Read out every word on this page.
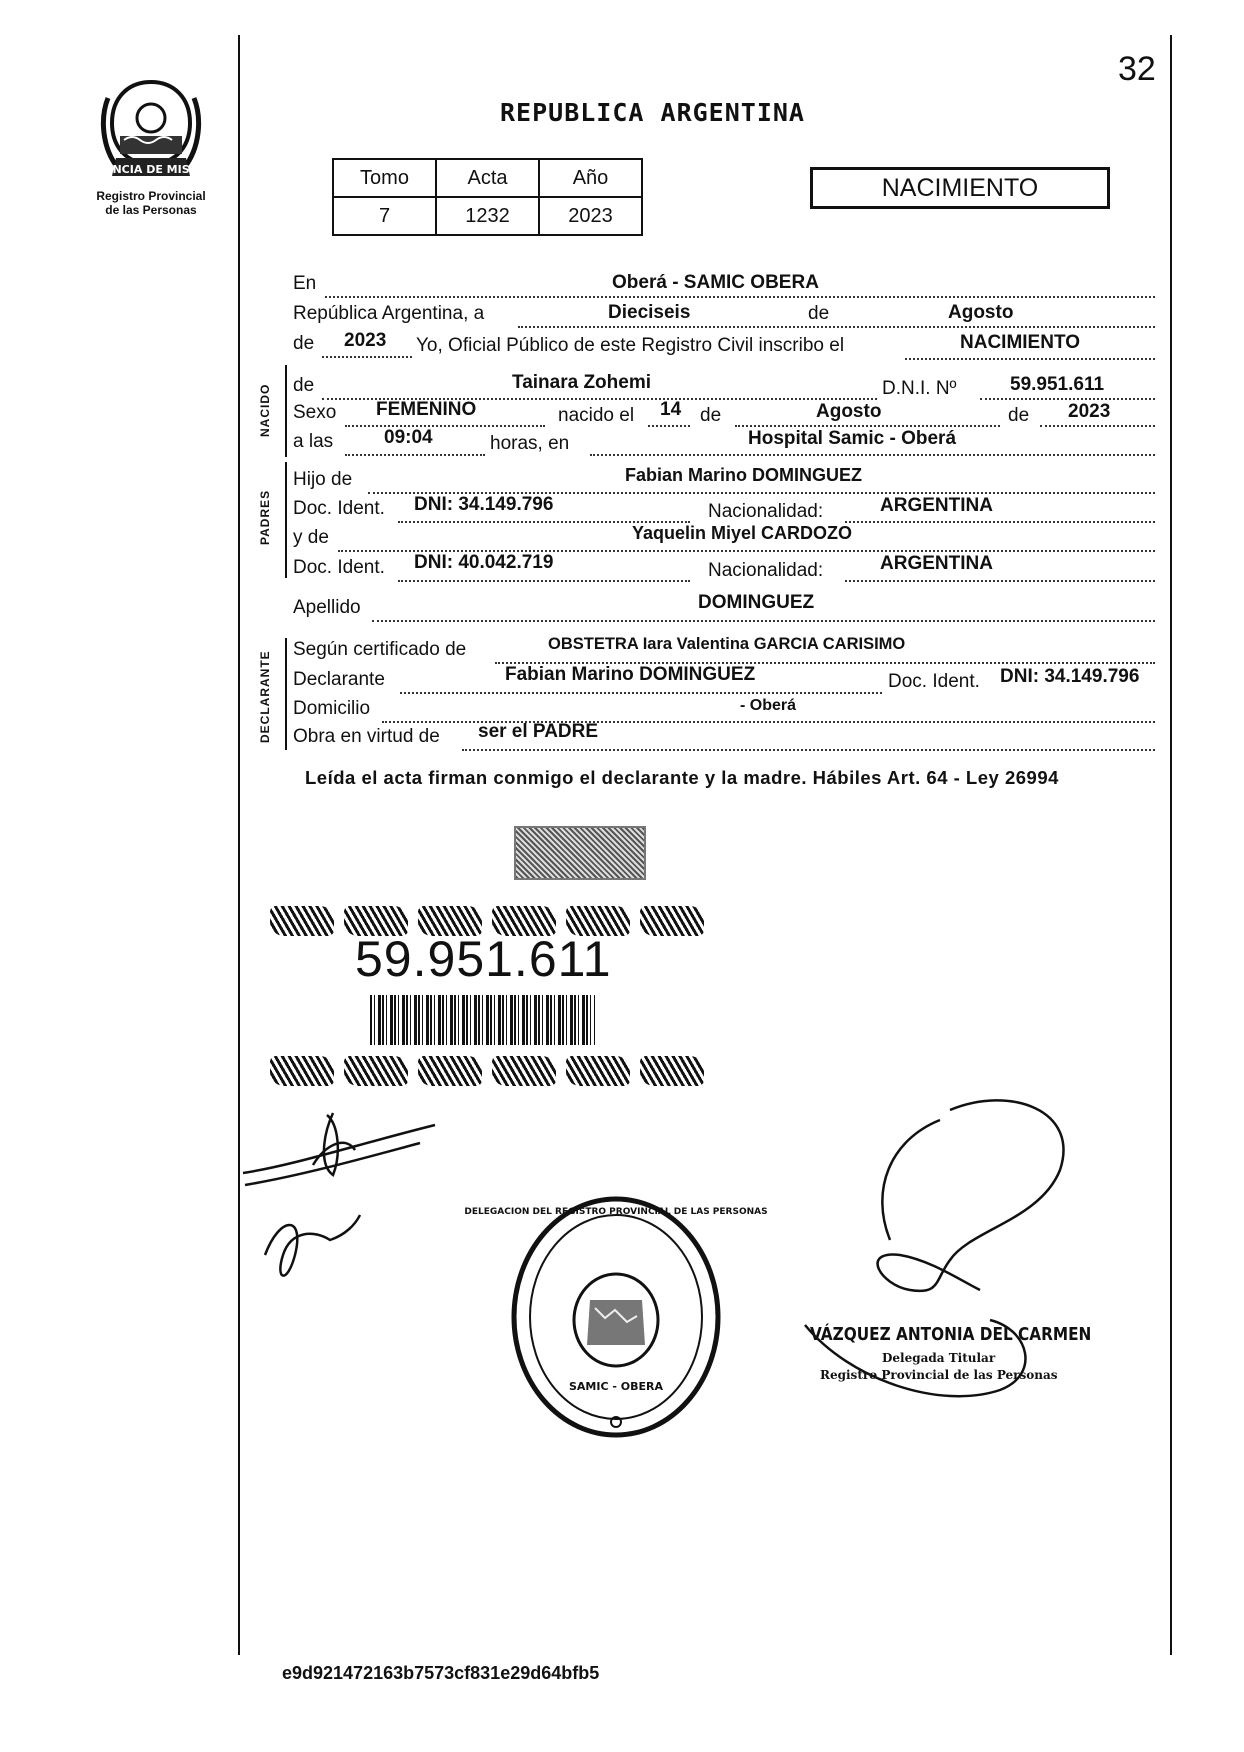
32
PROVINCIA DE MISIONES
Registro Provincial
de las Personas
REPUBLICA ARGENTINA
Tomo	Acta	Año
7	1232	2023
NACIMIENTO
En	Oberá - SAMIC OBERA
República Argentina, a	Dieciseis	de	Agosto
de 2023 Yo, Oficial Público de este Registro Civil inscribo el	NACIMIENTO
NACIDO de	Tainara Zohemi	D.N.I. Nº	59.951.611
Sexo FEMENINO	nacido el 14 de	Agosto	de 2023
a las	09:04	horas, en	Hospital Samic - Oberá
PADRES
Hijo de	Fabian Marino DOMINGUEZ
Doc. Ident. DNI: 34.149.796	Nacionalidad:	ARGENTINA
y de	Yaquelin Miyel CARDOZO
Doc. Ident. DNI: 40.042.719	Nacionalidad:	ARGENTINA
Apellido	DOMINGUEZ
DECLARANTE
Según certificado de	OBSTETRA Iara Valentina GARCIA CARISIMO
Declarante	Fabian Marino DOMINGUEZ	Doc. Ident. DNI: 34.149.796
Domicilio	- Oberá
Obra en virtud de ser el PADRE
Leída el acta firman conmigo el declarante y la madre. Hábiles Art. 64 - Ley 26994
59.951.611
DELEGACION DEL REGISTRO PROVINCIAL DE LAS PERSONAS
SAMIC - OBERA
VÁZQUEZ ANTONIA DEL CARMEN
Delegada Titular
Registro Provincial de las Personas
e9d921472163b7573cf831e29d64bfb5
